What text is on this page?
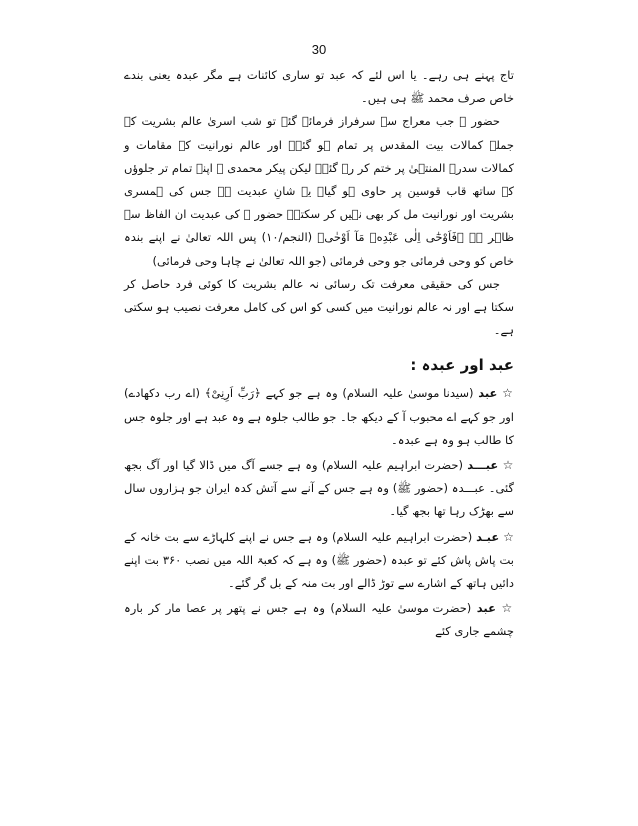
30

تاج پہنے ہی رہے۔ یا اس لئے کہ عبد تو ساری کائنات ہے مگر عبدہ یعنی بندے خاص صرف محمد ﷺ ہی ہیں۔

حضور ﷺ جب معراج سے سرفراز فرمائے گئے تو شب اسریٰ عالم بشریت کے جملہ کمالات بیت المقدس پر تمام ہو گئے۔ اور عالم نورانیت کے مقامات و کمالات سدرۃ المنتہیٰ پر ختم کر رہ گئے۔ لیکن پیکر محمدی ﷺ اپنے تمام تر جلوؤں کے ساتھ قاب قوسین پر حاوی ہو گیا۔ یہ شانِ عبدیت ہے جس کی ہمسری بشریت اور نورانیت مل کر بھی نہیں کر سکتے۔ حضور ﷺ کی عبدیت ان الفاظ سے ظاہر ہے ﴿فَاَوْحٰٓى اِلٰى عَبْدِهٖ مَآ اَوْحٰى﴾ (النجم/۱۰) پس اللہ تعالیٰ نے اپنے بندہ خاص کو وحی فرمائی جو وحی فرمائی (جو اللہ تعالیٰ نے چاہا وحی فرمائی)

جس کی حقیقی معرفت تک رسائی نہ عالم بشریت کا کوئی فرد حاصل کر سکتا ہے اور نہ عالم نورانیت میں کسی کو اس کی کامل معرفت نصیب ہو سکتی ہے۔

عبد اور عبدہ :

☆ عبد (سیدنا موسیٰ علیہ السلام) وہ ہے جو کہے ﴿رَبِّ اَرِنِیْ﴾ (اے رب دکھادے) اور جو کہے اے محبوب آ کے دیکھ جا۔ جو طالب جلوہ ہے وہ عبد ہے اور جلوہ جس کا طالب ہو وہ ہے عبدہ۔

☆ عبـــد (حضرت ابراہیم علیہ السلام) وہ ہے جسے آگ میں ڈالا گیا اور آگ بجھ گئی۔ عبـــدہ (حضور ﷺ) وہ ہے جس کے آنے سے آتش کدہ ایران جو ہزاروں سال سے بھڑک رہا تھا بجھ گیا۔

☆ عبـد (حضرت ابراہیم علیہ السلام) وہ ہے جس نے اپنے کلہاڑے سے بت خانہ کے بت پاش پاش کئے تو عبدہ (حضور ﷺ) وہ ہے کہ کعبۃ اللہ میں نصب ۳۶۰ بت اپنے دائیں ہاتھ کے اشارے سے توڑ ڈالے اور بت منہ کے بل گر گئے۔

☆ عبد (حضرت موسیٰ علیہ السلام) وہ ہے جس نے پتھر پر عصا مار کر بارہ چشمے جاری کئے
